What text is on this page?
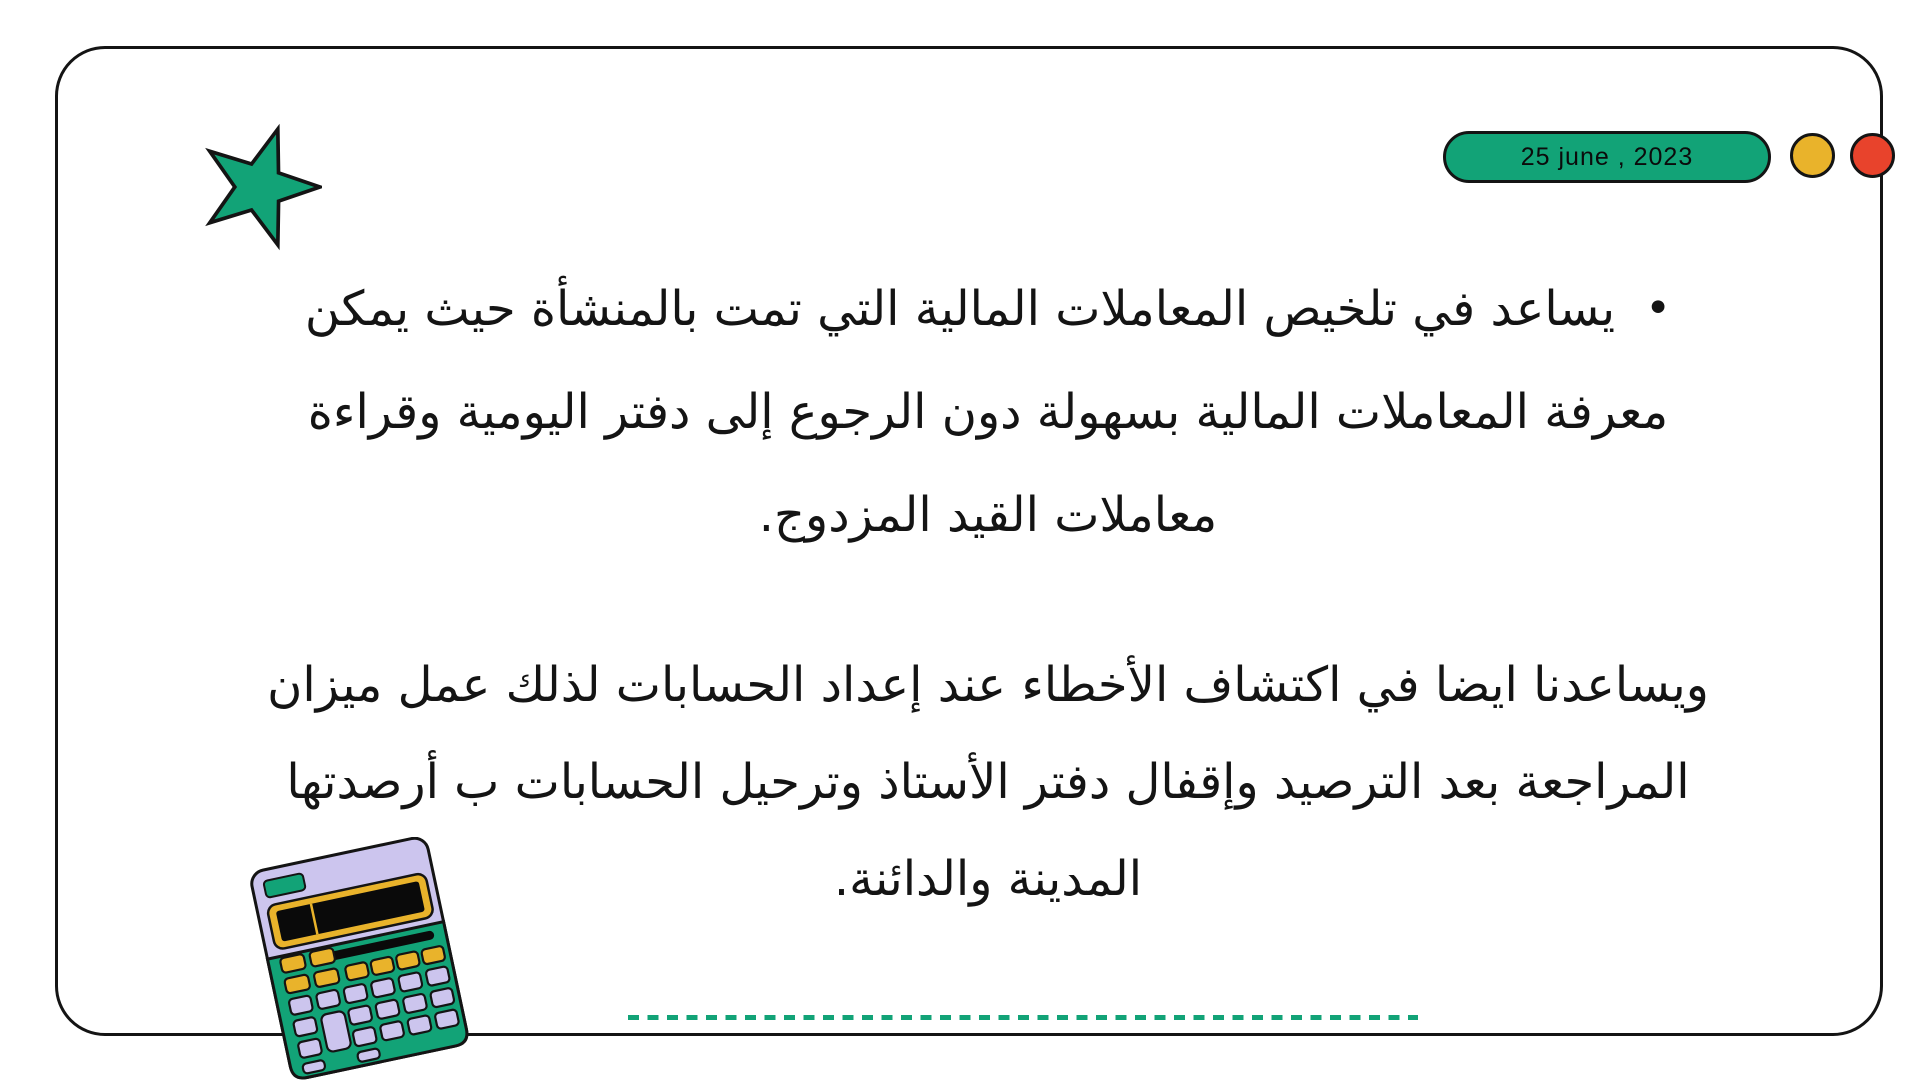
25 june , 2023
•يساعد في تلخيص المعاملات المالية التي تمت بالمنشأة حيث يمكن
معرفة المعاملات المالية بسهولة دون الرجوع إلى دفتر اليومية وقراءة
معاملات القيد المزدوج.
ويساعدنا ايضا في اكتشاف الأخطاء عند إعداد الحسابات لذلك عمل ميزان
المراجعة بعد الترصيد وإقفال دفتر الأستاذ وترحيل الحسابات ب أرصدتها
المدينة والدائنة.
